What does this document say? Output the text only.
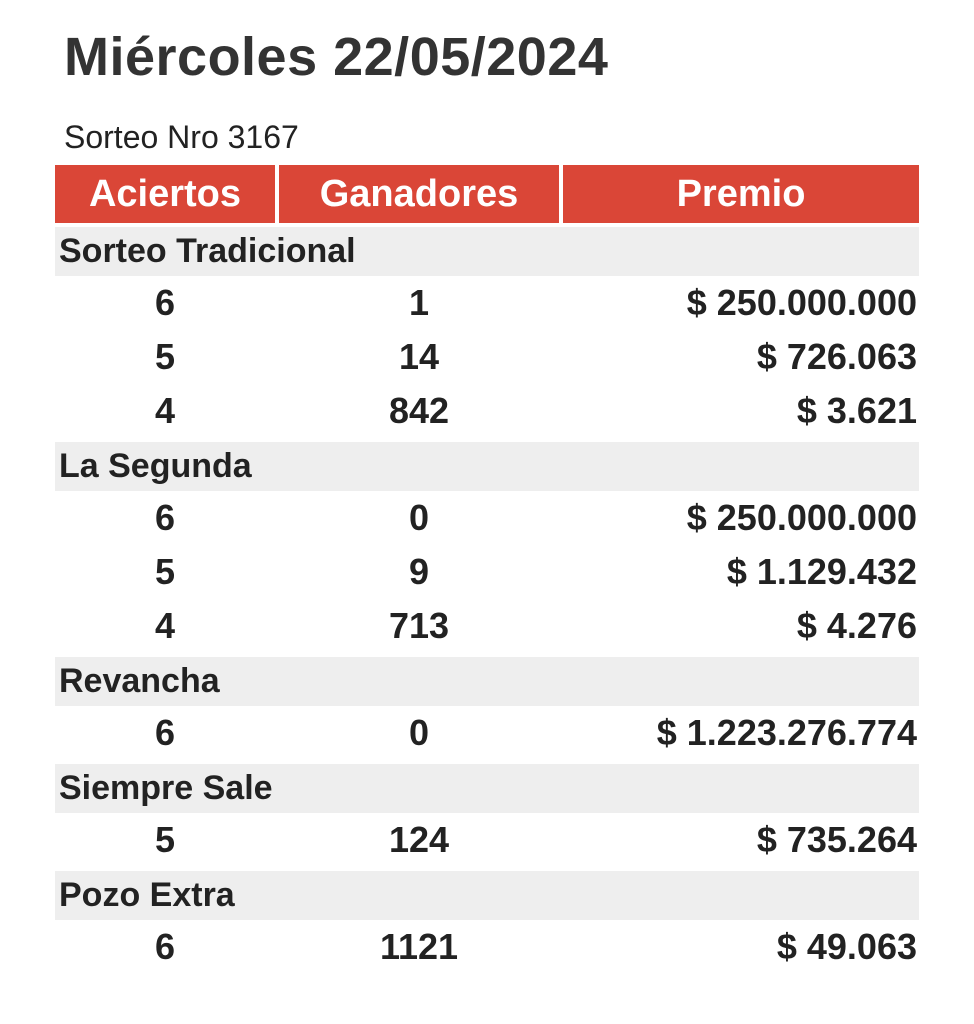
Miércoles 22/05/2024
Sorteo Nro 3167
Aciertos	Ganadores	Premio
Sorteo Tradicional
6	1	$ 250.000.000
5	14	$ 726.063
4	842	$ 3.621
La Segunda
6	0	$ 250.000.000
5	9	$ 1.129.432
4	713	$ 4.276
Revancha
6	0	$ 1.223.276.774
Siempre Sale
5	124	$ 735.264
Pozo Extra
6	1121	$ 49.063
